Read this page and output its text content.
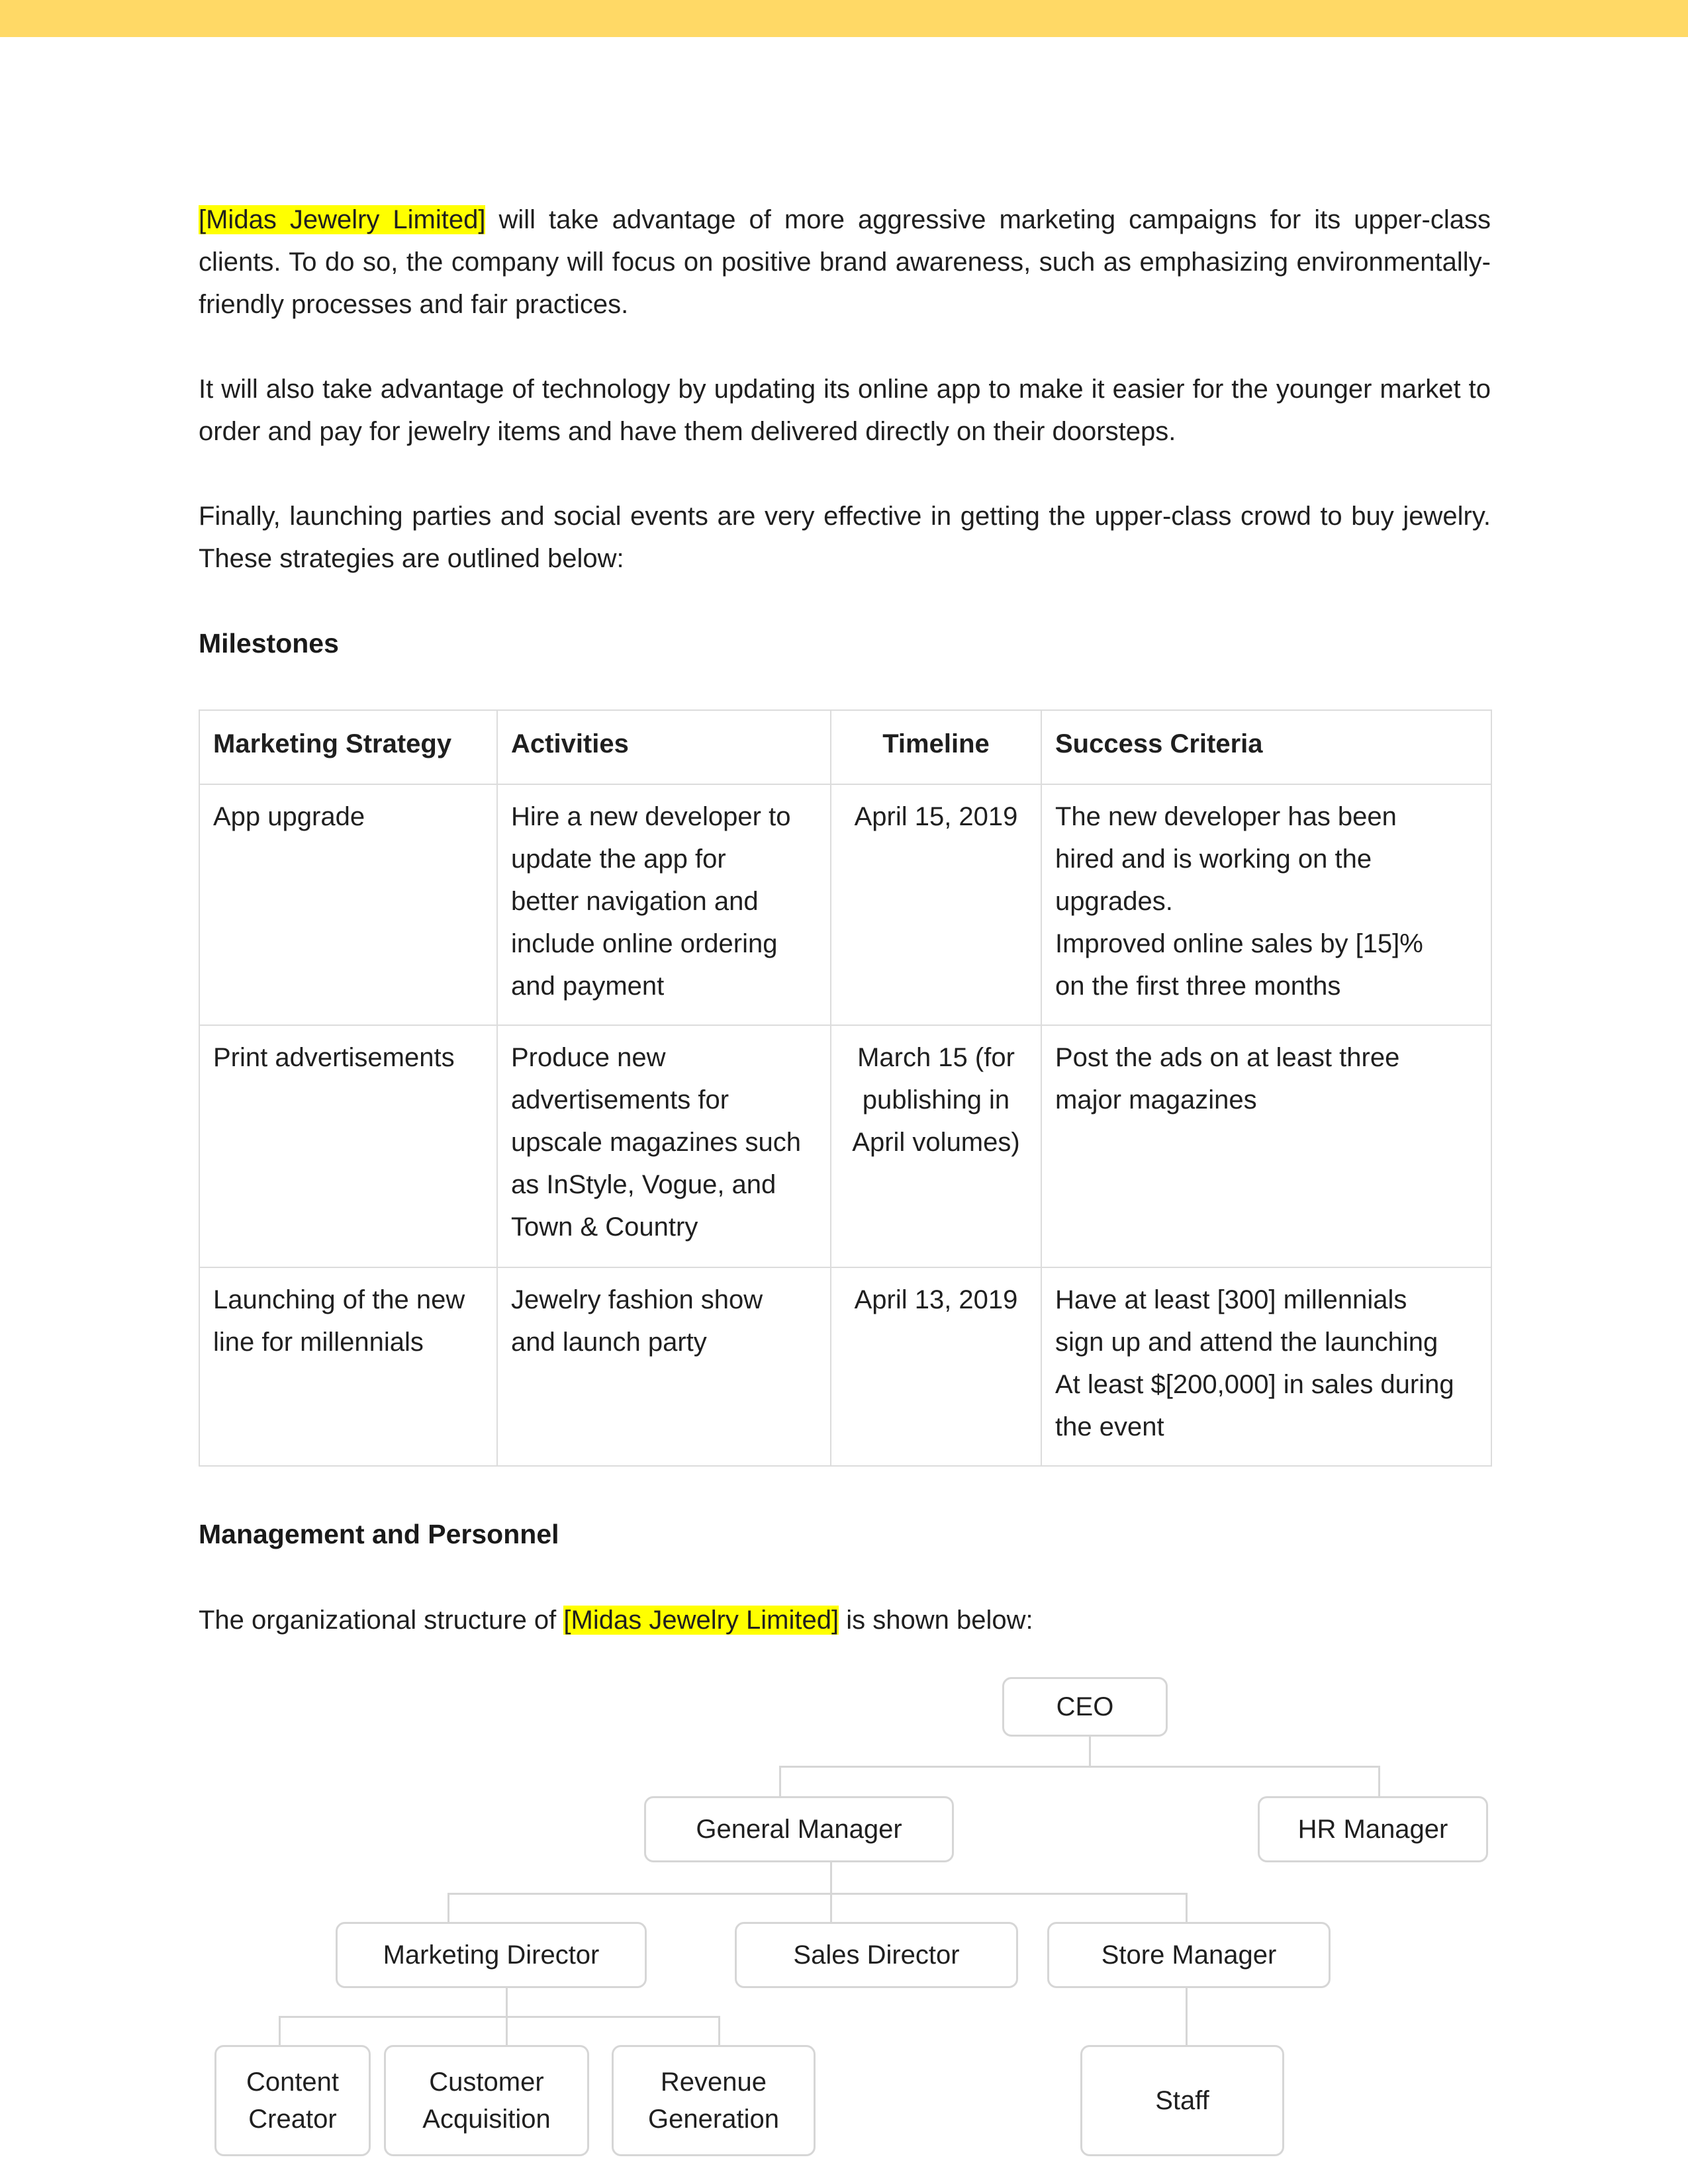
[Midas Jewelry Limited] will take advantage of more aggressive marketing campaigns for its upper-class clients. To do so, the company will focus on positive brand awareness, such as emphasizing environmentally-friendly processes and fair practices.

It will also take advantage of technology by updating its online app to make it easier for the younger market to order and pay for jewelry items and have them delivered directly on their doorsteps.

Finally, launching parties and social events are very effective in getting the upper-class crowd to buy jewelry. These strategies are outlined below:

Milestones
Marketing Strategy	Activities	Timeline	Success Criteria

App upgrade	Hire a new developer to
update the app for
better navigation and
include online ordering
and payment	April 15, 2019	The new developer has been
hired and is working on the
upgrades.
Improved online sales by [15]%
on the first three months

Print advertisements	Produce new
advertisements for
upscale magazines such
as InStyle, Vogue, and
Town & Country	March 15 (for
publishing in
April volumes)	Post the ads on at least three
major magazines

Launching of the new
line for millennials	Jewelry fashion show
and launch party	April 13, 2019	Have at least [300] millennials
sign up and attend the launching
At least $[200,000] in sales during
the event
Management and Personnel

The organizational structure of [Midas Jewelry Limited] is shown below:

CEO
General Manager	HR Manager
Marketing Director	Sales Director	Store Manager
Content
Creator
Customer
Acquisition
Revenue
Generation
Staff
